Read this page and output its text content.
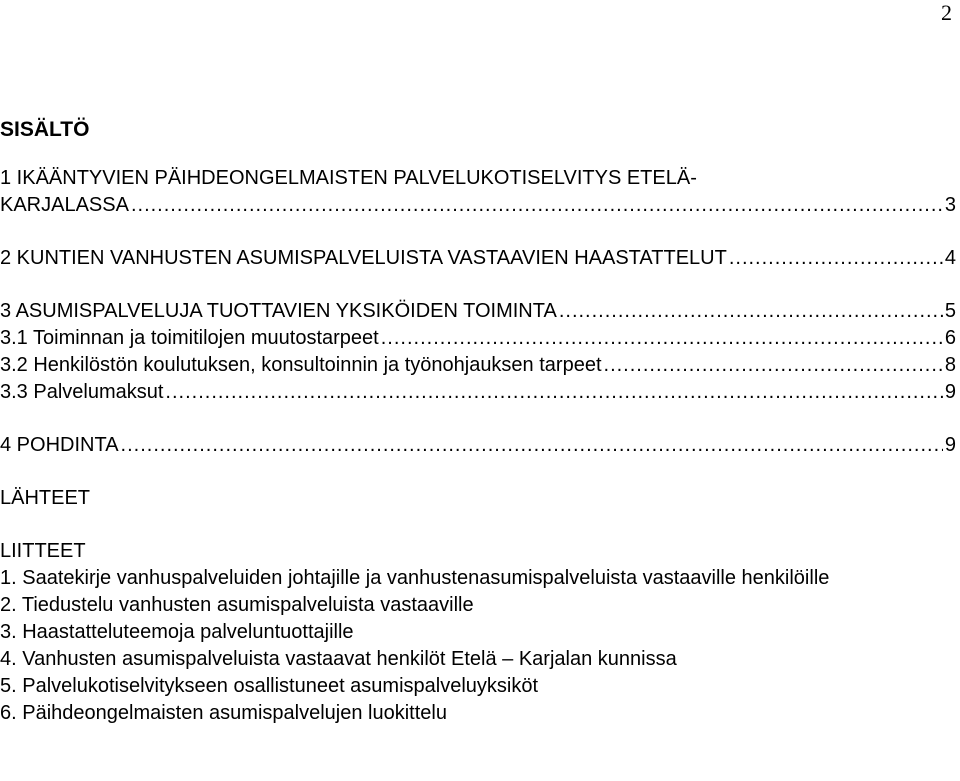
2
SISÄLTÖ
1 IKÄÄNTYVIEN PÄIHDEONGELMAISTEN PALVELUKOTISELVITYS ETELÄ-
KARJALASSA .....	3
2 KUNTIEN VANHUSTEN ASUMISPALVELUISTA VASTAAVIEN HAASTATTELUT .....	4
3 ASUMISPALVELUJA TUOTTAVIEN YKSIKÖIDEN TOIMINTA .....	5
3.1 Toiminnan ja toimitilojen muutostarpeet .....	6
3.2 Henkilöstön koulutuksen, konsultoinnin ja työnohjauksen tarpeet .....	8
3.3 Palvelumaksut .....	9
4 POHDINTA .....	9
LÄHTEET
LIITTEET
1. Saatekirje vanhuspalveluiden johtajille ja vanhustenasumispalveluista vastaaville henkilöille
2. Tiedustelu vanhusten asumispalveluista vastaaville
3. Haastatteluteemoja palveluntuottajille
4. Vanhusten asumispalveluista vastaavat henkilöt Etelä – Karjalan kunnissa
5. Palvelukotiselvitykseen osallistuneet asumispalveluyksiköt
6. Päihdeongelmaisten asumispalvelujen luokittelu
